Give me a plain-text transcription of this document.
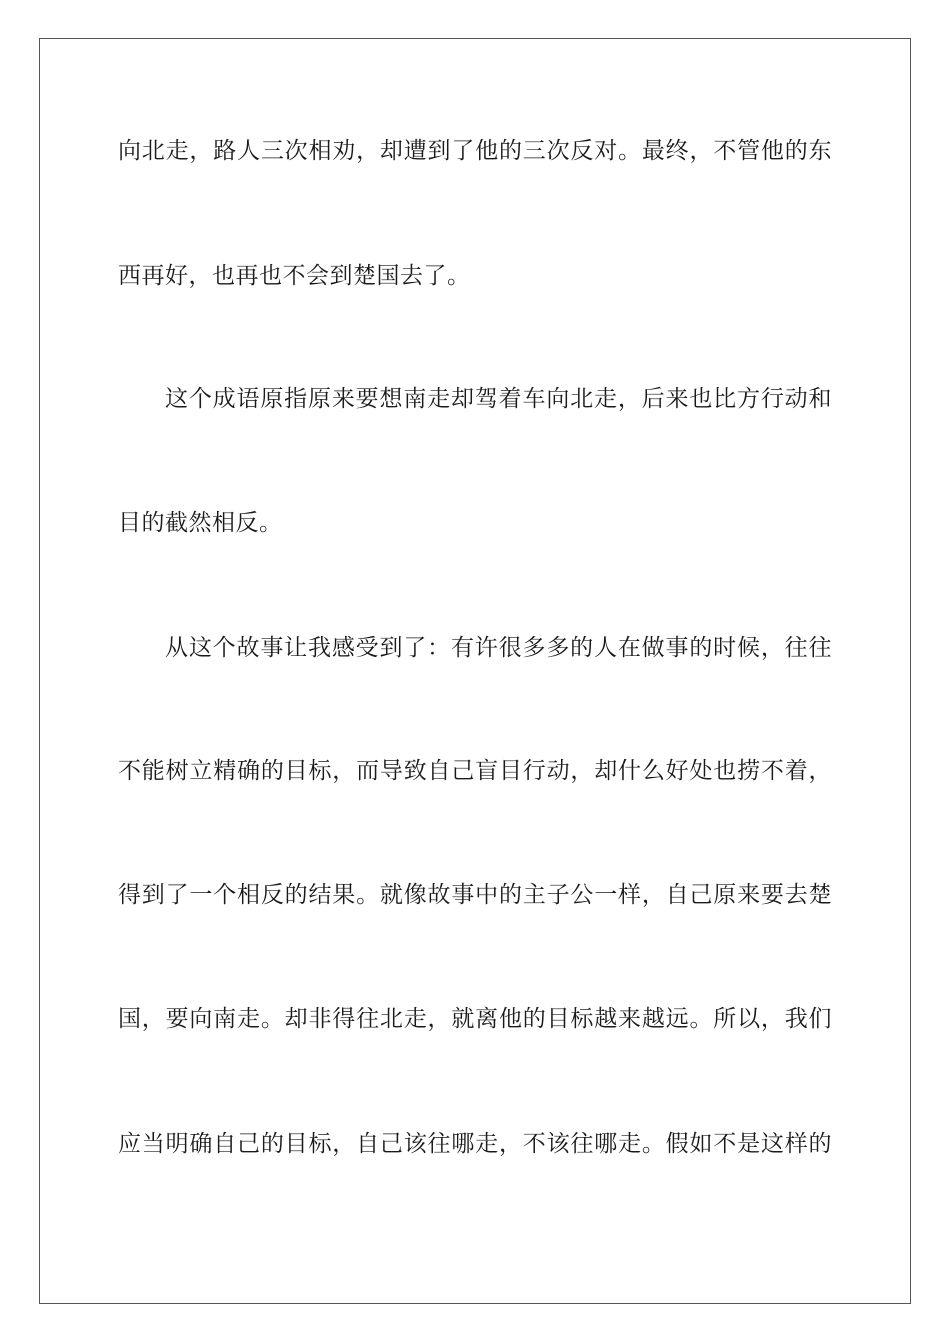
向北走，路人三次相劝，却遭到了他的三次反对。最终，不管他的东
西再好，也再也不会到楚国去了。
这个成语原指原来要想南走却驾着车向北走，后来也比方行动和
目的截然相反。
从这个故事让我感受到了：有许很多多的人在做事的时候，往往
不能树立精确的目标，而导致自己盲目行动，却什么好处也捞不着，
得到了一个相反的结果。就像故事中的主子公一样，自己原来要去楚
国，要向南走。却非得往北走，就离他的目标越来越远。所以，我们
应当明确自己的目标，自己该往哪走，不该往哪走。假如不是这样的
